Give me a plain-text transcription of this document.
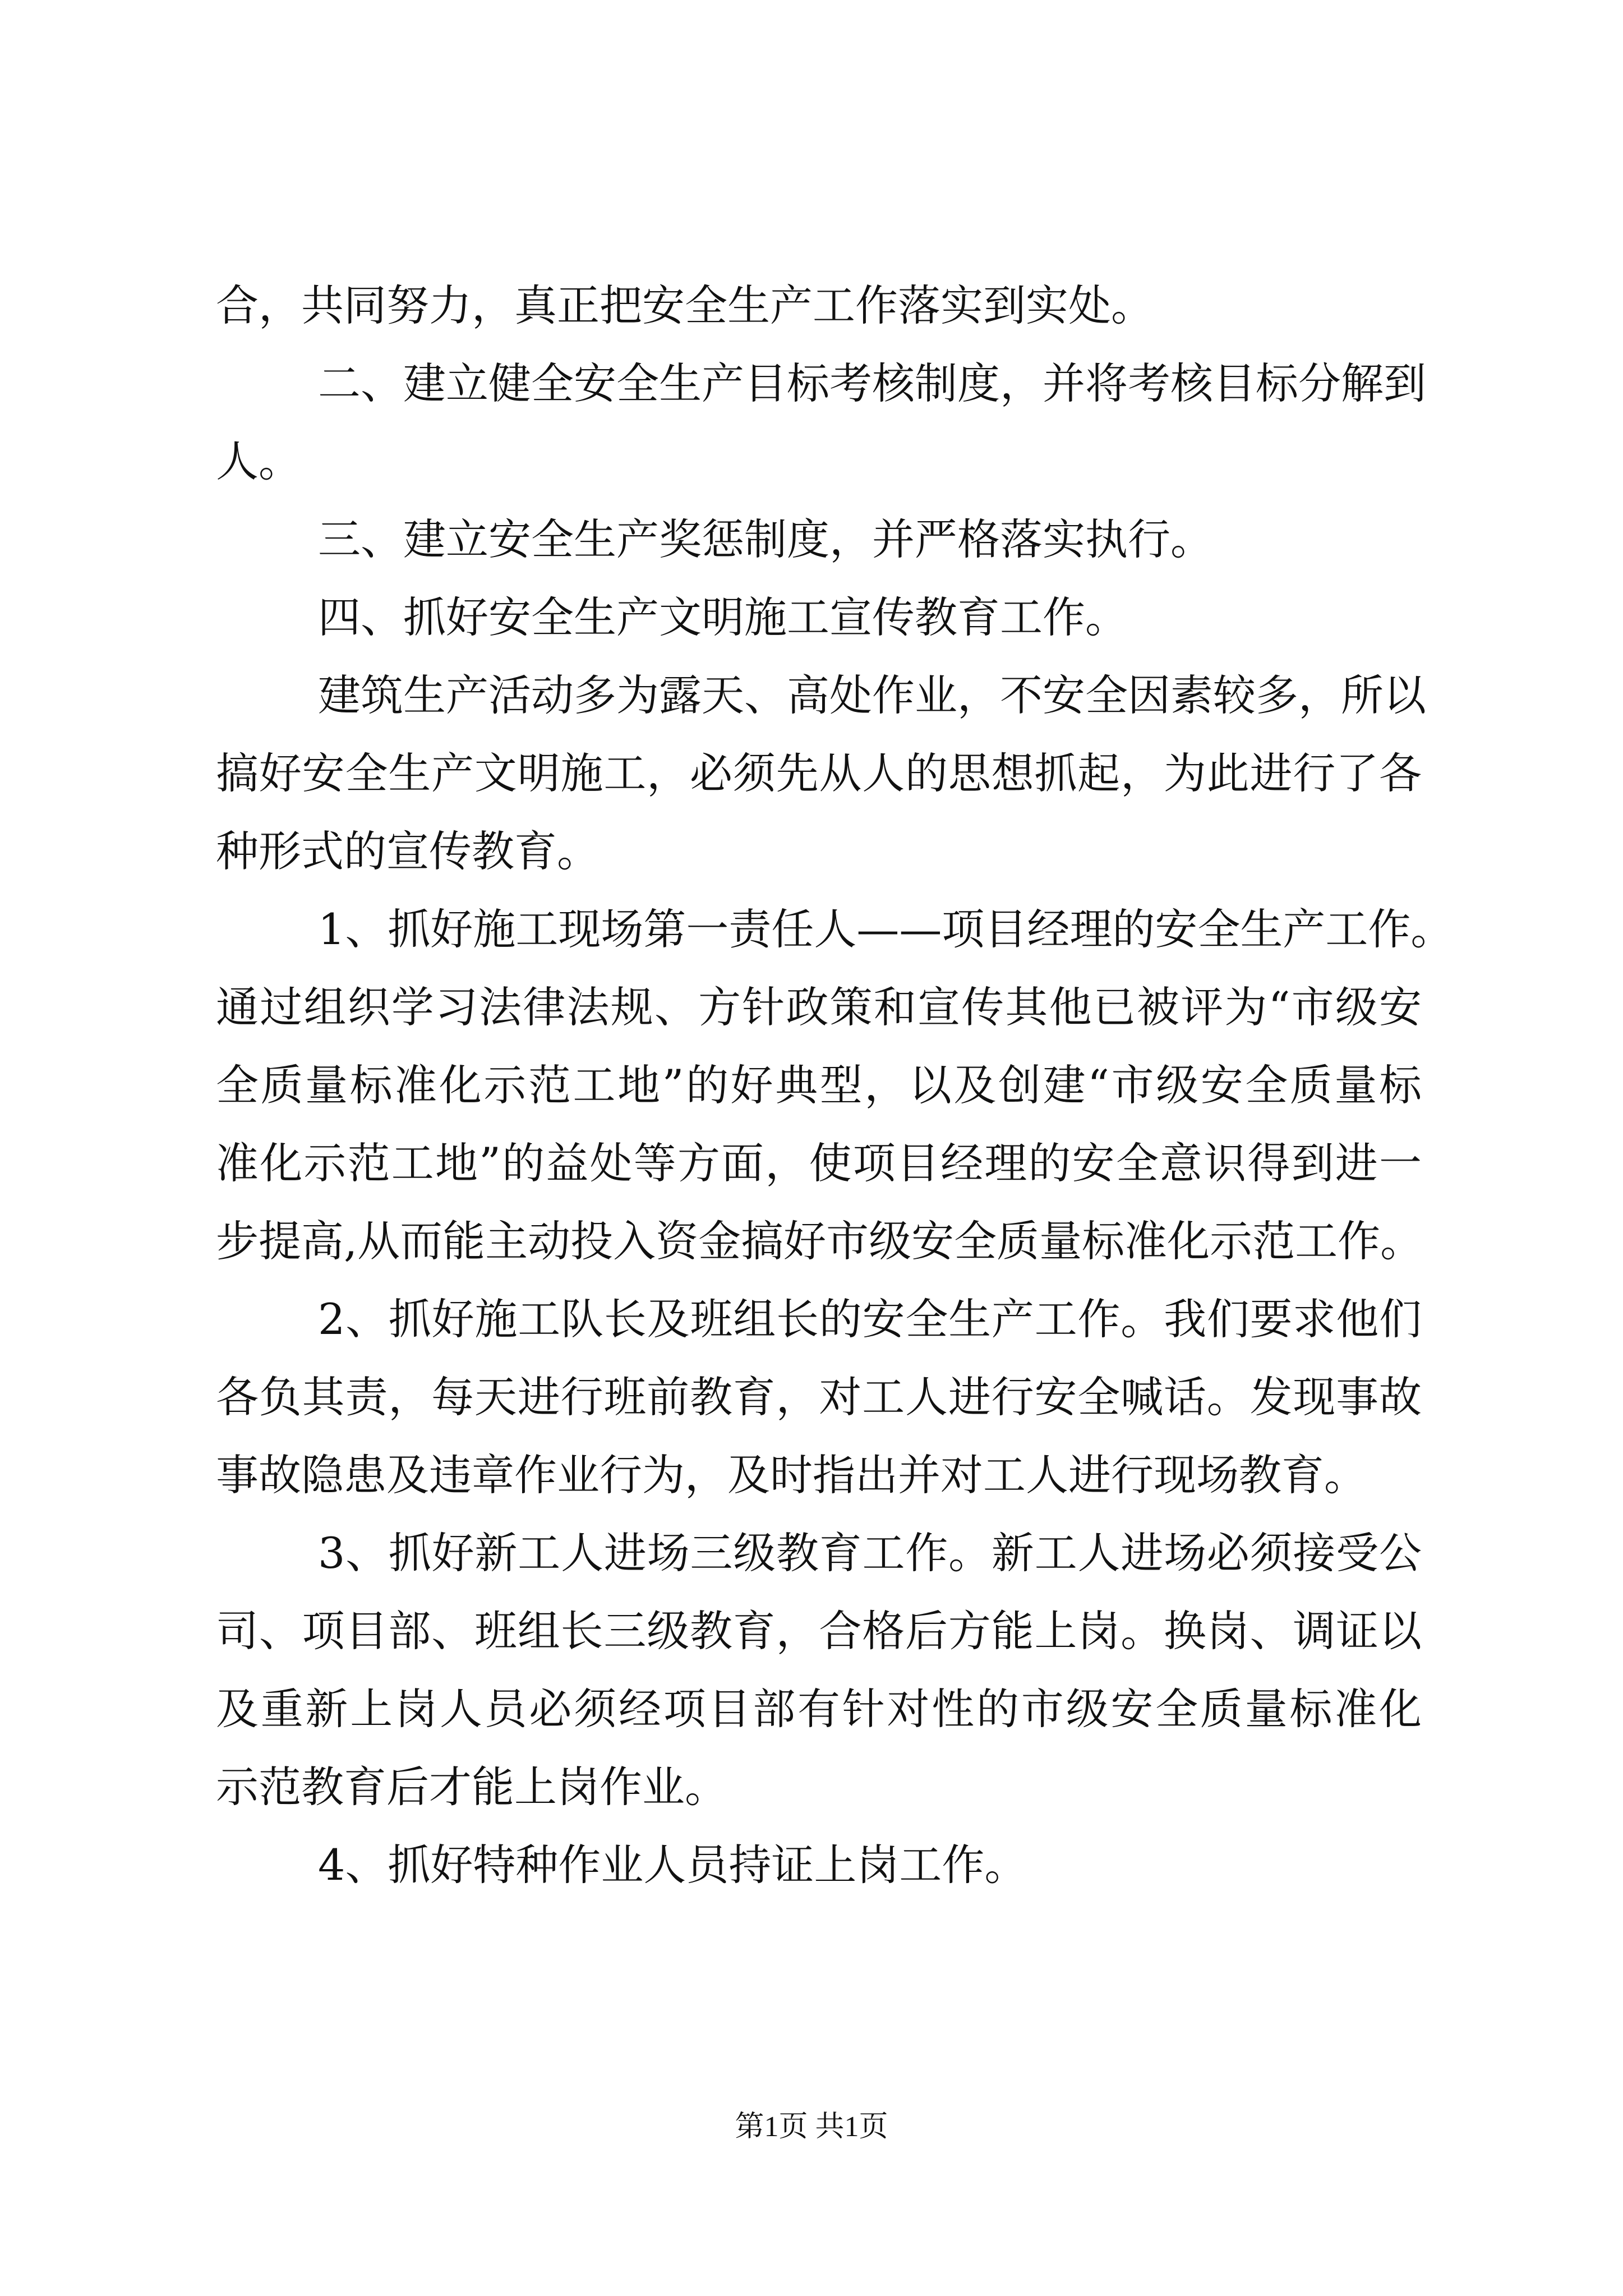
合，共同努力，真正把安全生产工作落实到实处。
二、建立健全安全生产目标考核制度，并将考核目标分解到
人。
三、建立安全生产奖惩制度，并严格落实执行。
四、抓好安全生产文明施工宣传教育工作。
建筑生产活动多为露天、高处作业，不安全因素较多，所以
搞好安全生产文明施工，必须先从人的思想抓起，为此进行了各
种形式的宣传教育。
1、抓好施工现场第一责任人——项目经理的安全生产工作。
通过组织学习法律法规、方针政策和宣传其他已被评为“市级安
全质量标准化示范工地”的好典型，以及创建“市级安全质量标
准化示范工地”的益处等方面，使项目经理的安全意识得到进一
步提高,从而能主动投入资金搞好市级安全质量标准化示范工作。
2、抓好施工队长及班组长的安全生产工作。我们要求他们
各负其责，每天进行班前教育，对工人进行安全喊话。发现事故
事故隐患及违章作业行为，及时指出并对工人进行现场教育。
3、抓好新工人进场三级教育工作。新工人进场必须接受公
司、项目部、班组长三级教育，合格后方能上岗。换岗、调证以
及重新上岗人员必须经项目部有针对性的市级安全质量标准化
示范教育后才能上岗作业。
4、抓好特种作业人员持证上岗工作。
第1页 共1页
